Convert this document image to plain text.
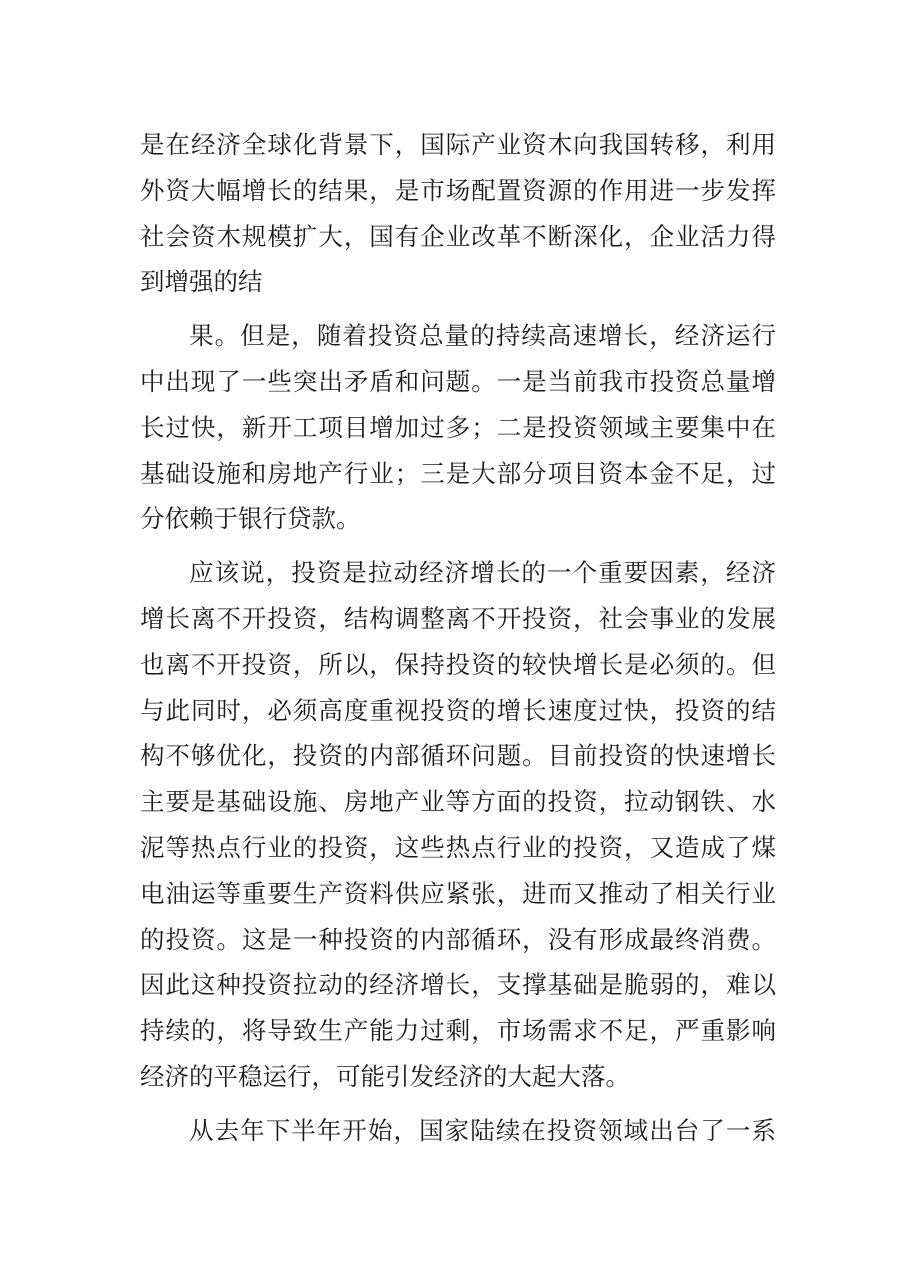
是在经济全球化背景下，国际产业资木向我国转移，利用
外资大幅增长的结果，是市场配置资源的作用进一步发挥
社会资木规模扩大，国有企业改革不断深化，企业活力得
到增强的结
果。但是，随着投资总量的持续高速增长，经济运行
中出现了一些突出矛盾和问题。一是当前我市投资总量增
长过快，新开工项目增加过多；二是投资领域主要集中在
基础设施和房地产行业；三是大部分项目资本金不足，过
分依赖于银行贷款。
应该说，投资是拉动经济增长的一个重要因素，经济
增长离不开投资，结构调整离不开投资，社会事业的发展
也离不开投资，所以，保持投资的较快增长是必须的。但
与此同时，必须高度重视投资的增长速度过快，投资的结
构不够优化，投资的内部循环问题。目前投资的快速增长
主要是基础设施、房地产业等方面的投资，拉动钢铁、水
泥等热点行业的投资，这些热点行业的投资，又造成了煤
电油运等重要生产资料供应紧张，进而又推动了相关行业
的投资。这是一种投资的内部循环，没有形成最终消费。
因此这种投资拉动的经济增长，支撑基础是脆弱的，难以
持续的，将导致生产能力过剩，市场需求不足，严重影响
经济的平稳运行，可能引发经济的大起大落。
从去年下半年开始，国家陆续在投资领域出台了一系
